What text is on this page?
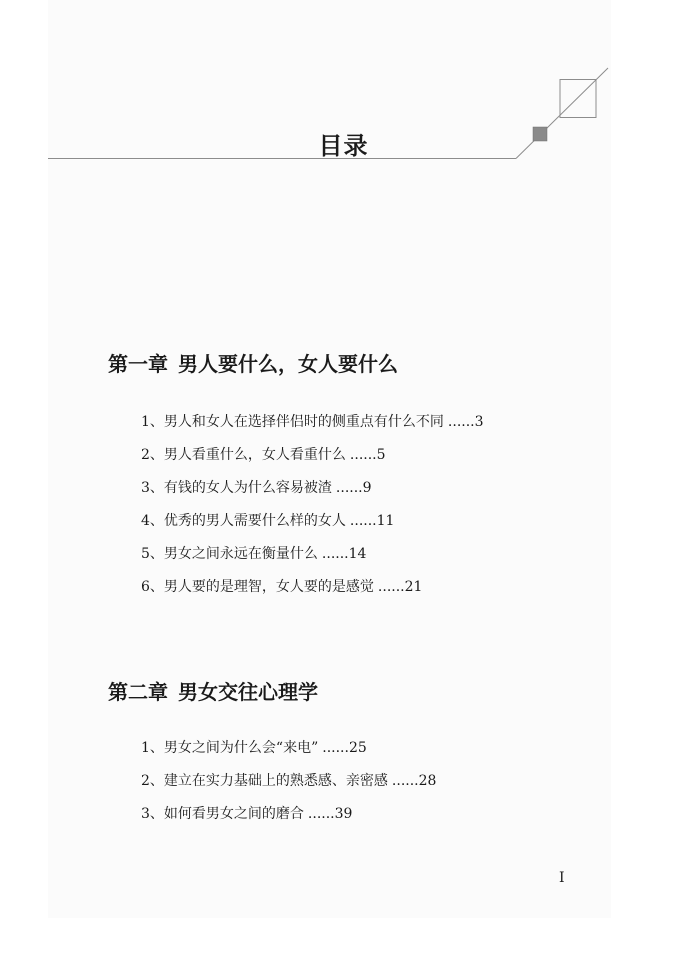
目录
第一章 男人要什么，女人要什么
1、男人和女人在选择伴侣时的侧重点有什么不同 ......3
2、男人看重什么，女人看重什么 ......5
3、有钱的女人为什么容易被渣 ......9
4、优秀的男人需要什么样的女人 ......11
5、男女之间永远在衡量什么 ......14
6、男人要的是理智，女人要的是感觉 ......21
第二章 男女交往心理学
1、男女之间为什么会“来电” ......25
2、建立在实力基础上的熟悉感、亲密感 ......28
3、如何看男女之间的磨合 ......39
I
